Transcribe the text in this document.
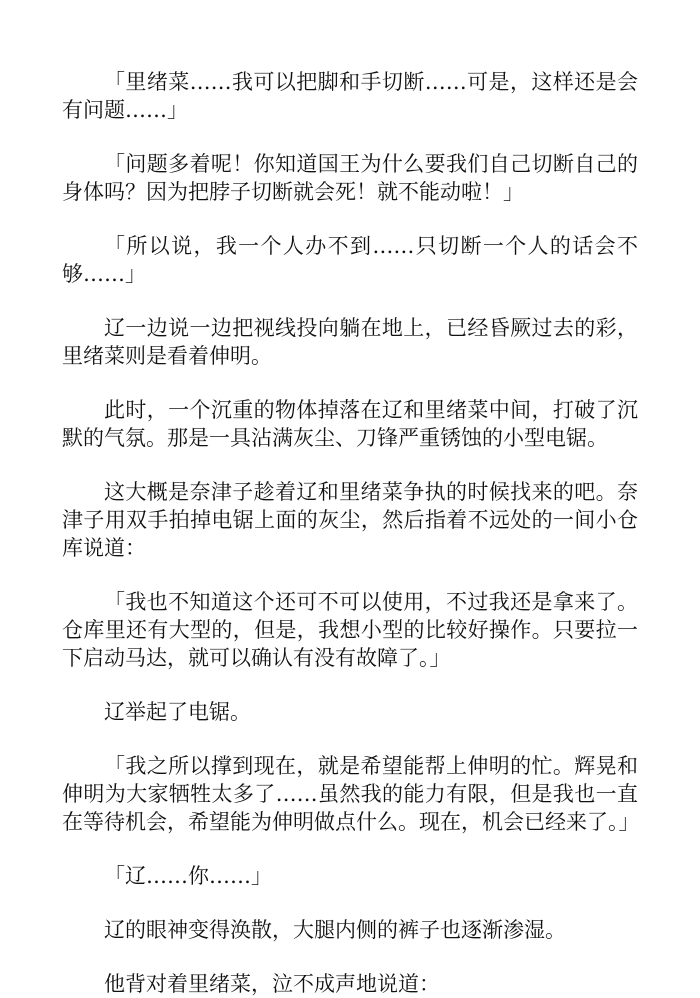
「里绪菜……我可以把脚和手切断……可是，这样还是会有问题……」

「问题多着呢！你知道国王为什么要我们自己切断自己的身体吗？因为把脖子切断就会死！就不能动啦！」

「所以说，我一个人办不到……只切断一个人的话会不够……」

辽一边说一边把视线投向躺在地上，已经昏厥过去的彩，里绪菜则是看着伸明。

此时，一个沉重的物体掉落在辽和里绪菜中间，打破了沉默的气氛。那是一具沾满灰尘、刀锋严重锈蚀的小型电锯。

这大概是奈津子趁着辽和里绪菜争执的时候找来的吧。奈津子用双手拍掉电锯上面的灰尘，然后指着不远处的一间小仓库说道：

「我也不知道这个还可不可以使用，不过我还是拿来了。仓库里还有大型的，但是，我想小型的比较好操作。只要拉一下启动马达，就可以确认有没有故障了。」

辽举起了电锯。

「我之所以撑到现在，就是希望能帮上伸明的忙。辉晃和伸明为大家牺牲太多了……虽然我的能力有限，但是我也一直在等待机会，希望能为伸明做点什么。现在，机会已经来了。」

「辽……你……」

辽的眼神变得涣散，大腿内侧的裤子也逐渐渗湿。

他背对着里绪菜，泣不成声地说道：
